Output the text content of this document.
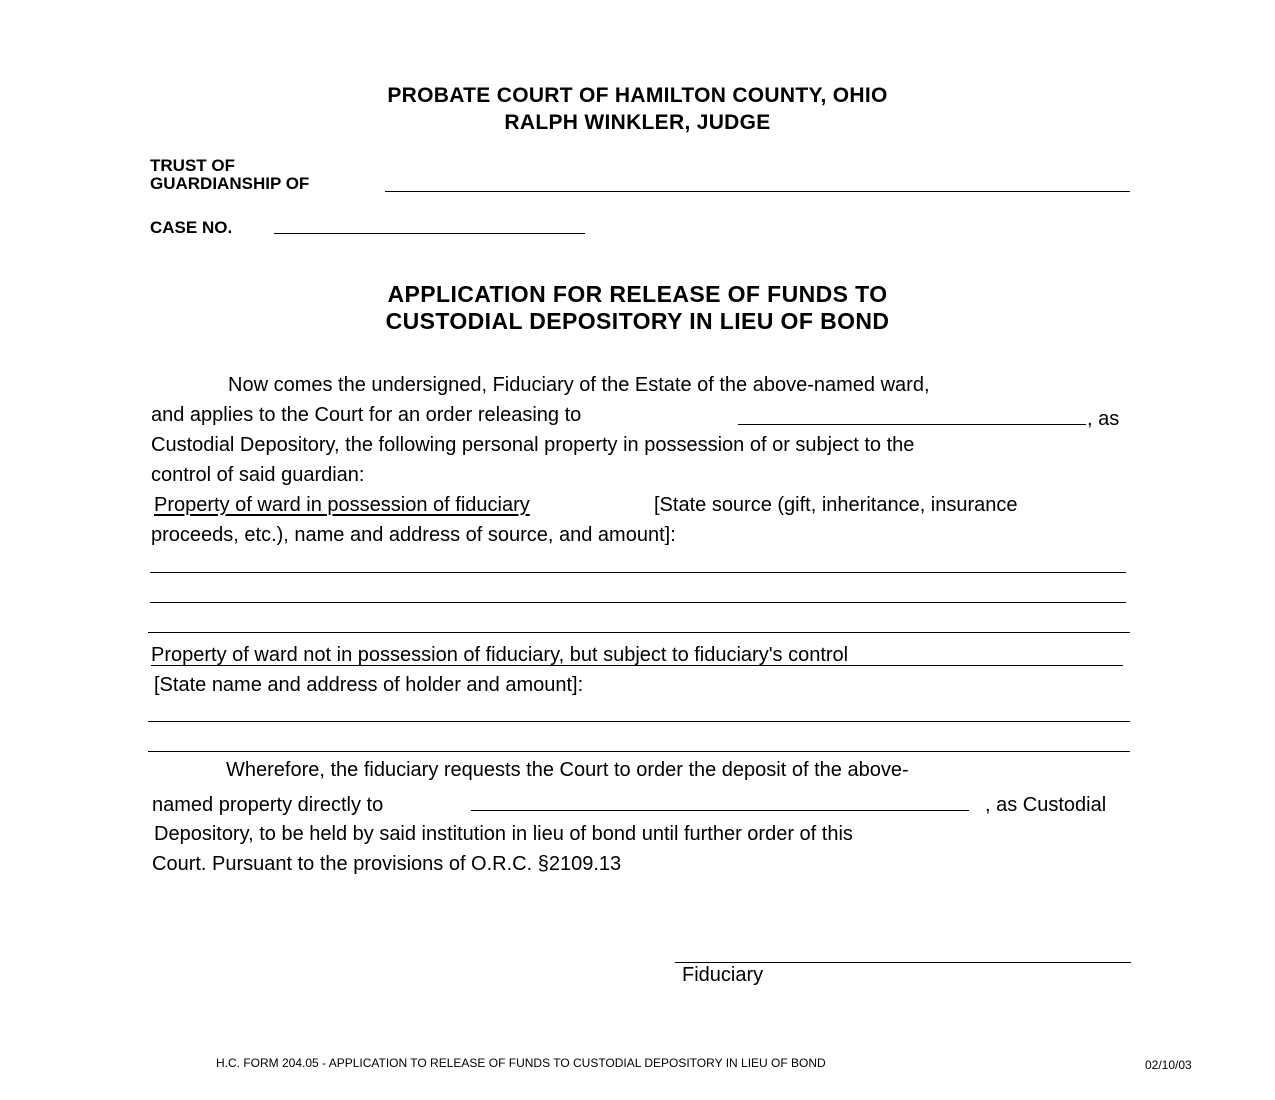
PROBATE COURT OF HAMILTON COUNTY, OHIO
RALPH WINKLER, JUDGE
TRUST OF
GUARDIANSHIP OF
CASE NO.
APPLICATION FOR RELEASE OF FUNDS TO
CUSTODIAL DEPOSITORY IN LIEU OF BOND
Now comes the undersigned, Fiduciary of the Estate of the above-named ward,
and applies to the Court for an order releasing to	, as
Custodial Depository, the following personal property in possession of or subject to the
control of said guardian:
Property of ward in possession of fiduciary	[State source (gift, inheritance, insurance
proceeds, etc.), name and address of source, and amount]:
Property of ward not in possession of fiduciary, but subject to fiduciary's control
[State name and address of holder and amount]:
Wherefore, the fiduciary requests the Court to order the deposit of the above-
named property directly to	, as Custodial
Depository, to be held by said institution in lieu of bond until further order of this
Court. Pursuant to the provisions of O.R.C. §2109.13
Fiduciary
H.C. FORM 204.05 - APPLICATION TO RELEASE OF FUNDS TO CUSTODIAL DEPOSITORY IN LIEU OF BOND	02/10/03
